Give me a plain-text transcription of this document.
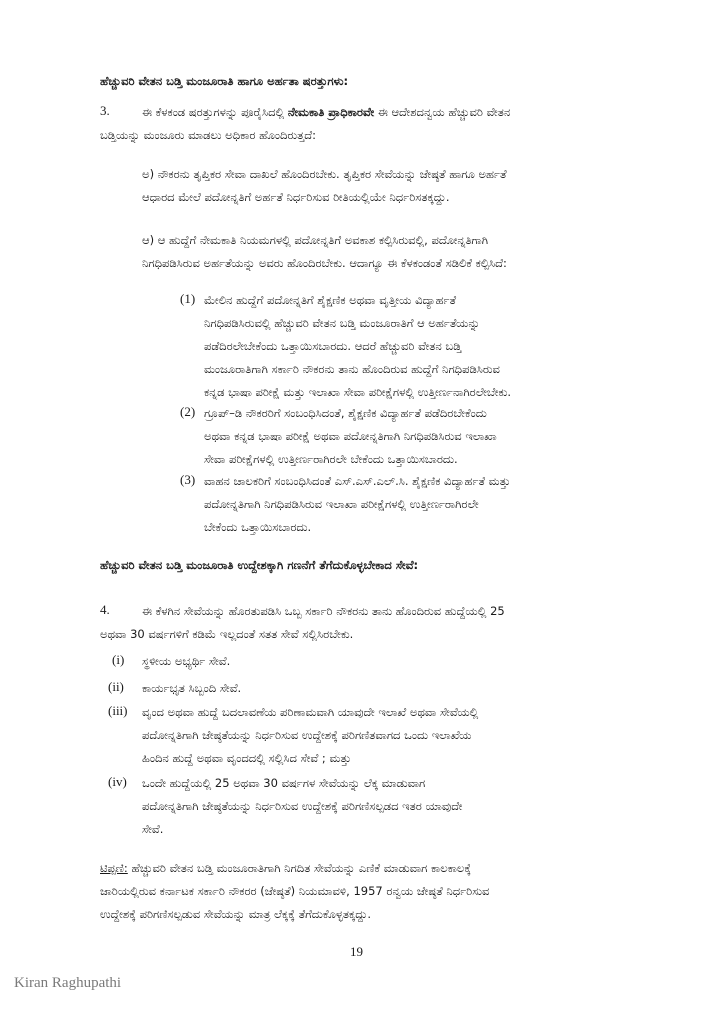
ಹೆಚ್ಚುವರಿ ವೇತನ ಬಡ್ತಿ ಮಂಜೂರಾತಿ ಹಾಗೂ ಅರ್ಹತಾ ಷರತ್ತುಗಳು:
3.	ಈ ಕೆಳಕಂಡ ಷರತ್ತುಗಳನ್ನು ಪೂರೈಸಿದಲ್ಲಿ ನೇಮಕಾತಿ ಪ್ರಾಧಿಕಾರವೇ ಈ ಆದೇಶದನ್ವಯ ಹೆಚ್ಚುವರಿ ವೇತನ
ಬಡ್ತಿಯನ್ನು ಮಂಜೂರು ಮಾಡಲು ಅಧಿಕಾರ ಹೊಂದಿರುತ್ತದೆ:
ಅ) ನೌಕರನು ತೃಪ್ತಿಕರ ಸೇವಾ ದಾಖಲೆ ಹೊಂದಿರಬೇಕು. ತೃಪ್ತಿಕರ ಸೇವೆಯನ್ನು ಜೇಷ್ಠತೆ ಹಾಗೂ ಅರ್ಹತೆ
ಆಧಾರದ ಮೇಲೆ ಪದೋನ್ನತಿಗೆ ಅರ್ಹತೆ ನಿರ್ಧರಿಸುವ ರೀತಿಯಲ್ಲಿಯೇ ನಿರ್ಧರಿಸತಕ್ಕದ್ದು.
ಆ) ಆ ಹುದ್ದೆಗೆ ನೇಮಕಾತಿ ನಿಯಮಗಳಲ್ಲಿ ಪದೋನ್ನತಿಗೆ ಅವಕಾಶ ಕಲ್ಪಿಸಿರುವಲ್ಲಿ, ಪದೋನ್ನತಿಗಾಗಿ
ನಿಗಧಿಪಡಿಸಿರುವ ಅರ್ಹತೆಯನ್ನು ಅವರು ಹೊಂದಿರಬೇಕು. ಆದಾಗ್ಯೂ ಈ ಕೆಳಕಂಡಂತೆ ಸಡಿಲಿಕೆ ಕಲ್ಪಿಸಿದೆ:
(1) ಮೇಲಿನ ಹುದ್ದೆಗೆ ಪದೋನ್ನತಿಗೆ ಶೈಕ್ಷಣಿಕ ಅಥವಾ ವೃತ್ತೀಯ ವಿದ್ಯಾರ್ಹತೆ
ನಿಗಧಿಪಡಿಸಿರುವಲ್ಲಿ ಹೆಚ್ಚುವರಿ ವೇತನ ಬಡ್ತಿ ಮಂಜೂರಾತಿಗೆ ಆ ಅರ್ಹತೆಯನ್ನು
ಪಡೆದಿರಲೇಬೇಕೆಂದು ಒತ್ತಾಯಿಸಬಾರದು. ಆದರೆ ಹೆಚ್ಚುವರಿ ವೇತನ ಬಡ್ತಿ
ಮಂಜೂರಾತಿಗಾಗಿ ಸರ್ಕಾರಿ ನೌಕರನು ತಾನು ಹೊಂದಿರುವ ಹುದ್ದೆಗೆ ನಿಗಧಿಪಡಿಸಿರುವ
ಕನ್ನಡ ಭಾಷಾ ಪರೀಕ್ಷೆ ಮತ್ತು ಇಲಾಖಾ ಸೇವಾ ಪರೀಕ್ಷೆಗಳಲ್ಲಿ ಉತ್ತೀರ್ಣನಾಗಿರಲೇಬೇಕು.
(2) ಗ್ರೂಪ್–ಡಿ ನೌಕರರಿಗೆ ಸಂಬಂಧಿಸಿದಂತೆ, ಶೈಕ್ಷಣಿಕ ವಿದ್ಯಾರ್ಹತೆ ಪಡೆದಿರಬೇಕೆಂದು
ಅಥವಾ ಕನ್ನಡ ಭಾಷಾ ಪರೀಕ್ಷೆ ಅಥವಾ ಪದೋನ್ನತಿಗಾಗಿ ನಿಗಧಿಪಡಿಸಿರುವ ಇಲಾಖಾ
ಸೇವಾ ಪರೀಕ್ಷೆಗಳಲ್ಲಿ ಉತ್ತೀರ್ಣರಾಗಿರಲೇ ಬೇಕೆಂದು ಒತ್ತಾಯಿಸಬಾರದು.
(3) ವಾಹನ ಚಾಲಕರಿಗೆ ಸಂಬಂಧಿಸಿದಂತೆ ಎಸ್.ಎಸ್.ಎಲ್.ಸಿ. ಶೈಕ್ಷಣಿಕ ವಿದ್ಯಾರ್ಹತೆ ಮತ್ತು
ಪದೋನ್ನತಿಗಾಗಿ ನಿಗಧಿಪಡಿಸಿರುವ ಇಲಾಖಾ ಪರೀಕ್ಷೆಗಳಲ್ಲಿ ಉತ್ತೀರ್ಣರಾಗಿರಲೇ
ಬೇಕೆಂದು ಒತ್ತಾಯಿಸಬಾರದು.
ಹೆಚ್ಚುವರಿ ವೇತನ ಬಡ್ತಿ ಮಂಜೂರಾತಿ ಉದ್ದೇಶಕ್ಕಾಗಿ ಗಣನೆಗೆ ತೆಗೆದುಕೊಳ್ಳಬೇಕಾದ ಸೇವೆ:
4.	ಈ ಕೆಳಗಿನ ಸೇವೆಯನ್ನು ಹೊರತುಪಡಿಸಿ ಒಬ್ಬ ಸರ್ಕಾರಿ ನೌಕರನು ತಾನು ಹೊಂದಿರುವ ಹುದ್ದೆಯಲ್ಲಿ 25
ಅಥವಾ 30 ವರ್ಷಗಳಿಗೆ ಕಡಿಮೆ ಇಲ್ಲದಂತೆ ಸತತ ಸೇವೆ ಸಲ್ಲಿಸಿರಬೇಕು.
(i) ಸ್ಥಳೀಯ ಅಭ್ಯರ್ಥಿ ಸೇವೆ.
(ii) ಕಾರ್ಯಭೃತ ಸಿಬ್ಬಂದಿ ಸೇವೆ.
(iii) ವೃಂದ ಅಥವಾ ಹುದ್ದೆ ಬದಲಾವಣೆಯ ಪರಿಣಾಮವಾಗಿ ಯಾವುದೇ ಇಲಾಖೆ ಅಥವಾ ಸೇವೆಯಲ್ಲಿ
ಪದೋನ್ನತಿಗಾಗಿ ಜೇಷ್ಠತೆಯನ್ನು ನಿರ್ಧರಿಸುವ ಉದ್ದೇಶಕ್ಕೆ ಪರಿಗಣಿತವಾಗದ ಒಂದು ಇಲಾಖೆಯ
ಹಿಂದಿನ ಹುದ್ದೆ ಅಥವಾ ವೃಂದದಲ್ಲಿ ಸಲ್ಲಿಸಿದ ಸೇವೆ ; ಮತ್ತು
(iv) ಒಂದೇ ಹುದ್ದೆಯಲ್ಲಿ 25 ಅಥವಾ 30 ವರ್ಷಗಳ ಸೇವೆಯನ್ನು ಲೆಕ್ಕ ಮಾಡುವಾಗ
ಪದೋನ್ನತಿಗಾಗಿ ಜೇಷ್ಠತೆಯನ್ನು ನಿರ್ಧರಿಸುವ ಉದ್ದೇಶಕ್ಕೆ ಪರಿಗಣಿಸಲ್ಪಡದ ಇತರ ಯಾವುದೇ
ಸೇವೆ.
ಟಿಪ್ಪಣಿ: ಹೆಚ್ಚುವರಿ ವೇತನ ಬಡ್ತಿ ಮಂಜೂರಾತಿಗಾಗಿ ನಿಗದಿತ ಸೇವೆಯನ್ನು ಎಣಿಕೆ ಮಾಡುವಾಗ ಕಾಲಕಾಲಕ್ಕೆ
ಜಾರಿಯಲ್ಲಿರುವ ಕರ್ನಾಟಕ ಸರ್ಕಾರಿ ನೌಕರರ (ಜೇಷ್ಠತೆ) ನಿಯಮಾವಳಿ, 1957 ರನ್ವಯ ಜೇಷ್ಠತೆ ನಿರ್ಧರಿಸುವ
ಉದ್ದೇಶಕ್ಕೆ ಪರಿಗಣಿಸಲ್ಪಡುವ ಸೇವೆಯನ್ನು ಮಾತ್ರ ಲೆಕ್ಕಕ್ಕೆ ತೆಗೆದುಕೊಳ್ಳತಕ್ಕದ್ದು.
19
Kiran Raghupathi
